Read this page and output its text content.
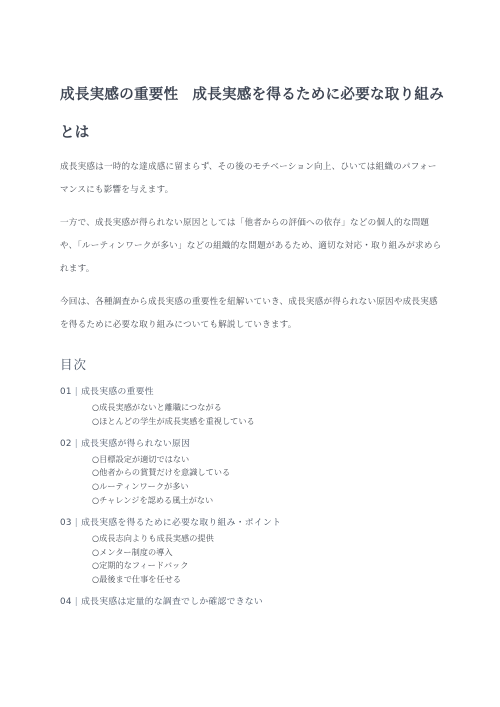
成長実感の重要性 成長実感を得るために必要な取り組みとは

成長実感は一時的な達成感に留まらず、その後のモチベーション向上、ひいては組織のパフォーマンスにも影響を与えます。

一方で、成長実感が得られない原因としては「他者からの評価への依存」などの個人的な問題や、「ルーティンワークが多い」などの組織的な問題があるため、適切な対応・取り組みが求められます。

今回は、各種調査から成長実感の重要性を紐解いていき、成長実感が得られない原因や成長実感を得るために必要な取り組みについても解説していきます。

目次
01 | 成長実感の重要性
○成長実感がないと離職につながる
○ほとんどの学生が成長実感を重視している
02 | 成長実感が得られない原因
○目標設定が適切ではない
○他者からの賞賛だけを意識している
○ルーティンワークが多い
○チャレンジを認める風土がない
03 | 成長実感を得るために必要な取り組み・ポイント
○成長志向よりも成長実感の提供
○メンター制度の導入
○定期的なフィードバック
○最後まで仕事を任せる
04 | 成長実感は定量的な調査でしか確認できない
